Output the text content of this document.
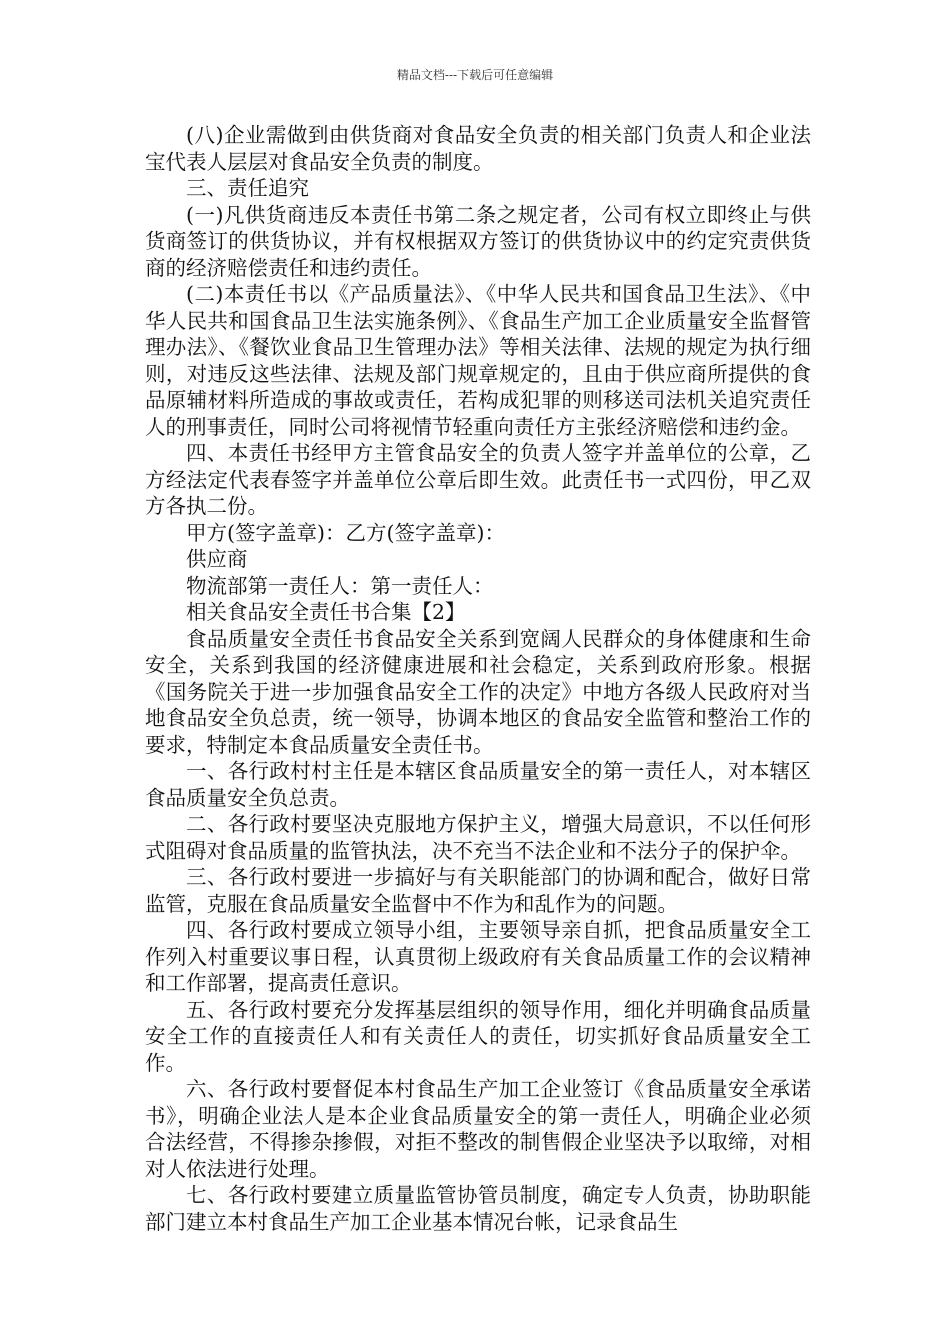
精品文档---下载后可任意编辑

(八)企业需做到由供货商对食品安全负责的相关部门负责人和企业法宝代表人层层对食品安全负责的制度。

三、责任追究

(一)凡供货商违反本责任书第二条之规定者，公司有权立即终止与供货商签订的供货协议，并有权根据双方签订的供货协议中的约定究责供货商的经济赔偿责任和违约责任。

(二)本责任书以《产品质量法》、《中华人民共和国食品卫生法》、《中华人民共和国食品卫生法实施条例》、《食品生产加工企业质量安全监督管理办法》、《餐饮业食品卫生管理办法》等相关法律、法规的规定为执行细则，对违反这些法律、法规及部门规章规定的，且由于供应商所提供的食品原辅材料所造成的事故或责任，若构成犯罪的则移送司法机关追究责任人的刑事责任，同时公司将视情节轻重向责任方主张经济赔偿和违约金。

四、本责任书经甲方主管食品安全的负责人签字并盖单位的公章，乙方经法定代表春签字并盖单位公章后即生效。此责任书一式四份，甲乙双方各执二份。

甲方(签字盖章)：乙方(签字盖章)：

供应商

物流部第一责任人：第一责任人：

相关食品安全责任书合集【2】

食品质量安全责任书食品安全关系到宽阔人民群众的身体健康和生命安全，关系到我国的经济健康进展和社会稳定，关系到政府形象。根据《国务院关于进一步加强食品安全工作的决定》中地方各级人民政府对当地食品安全负总责，统一领导，协调本地区的食品安全监管和整治工作的要求，特制定本食品质量安全责任书。

一、各行政村村主任是本辖区食品质量安全的第一责任人，对本辖区食品质量安全负总责。

二、各行政村要坚决克服地方保护主义，增强大局意识，不以任何形式阻碍对食品质量的监管执法，决不充当不法企业和不法分子的保护伞。

三、各行政村要进一步搞好与有关职能部门的协调和配合，做好日常监管，克服在食品质量安全监督中不作为和乱作为的问题。

四、各行政村要成立领导小组，主要领导亲自抓，把食品质量安全工作列入村重要议事日程，认真贯彻上级政府有关食品质量工作的会议精神和工作部署，提高责任意识。

五、各行政村要充分发挥基层组织的领导作用，细化并明确食品质量安全工作的直接责任人和有关责任人的责任，切实抓好食品质量安全工作。

六、各行政村要督促本村食品生产加工企业签订《食品质量安全承诺书》，明确企业法人是本企业食品质量安全的第一责任人，明确企业必须合法经营，不得掺杂掺假，对拒不整改的制售假企业坚决予以取缔，对相对人依法进行处理。

七、各行政村要建立质量监管协管员制度，确定专人负责，协助职能部门建立本村食品生产加工企业基本情况台帐，记录食品生
